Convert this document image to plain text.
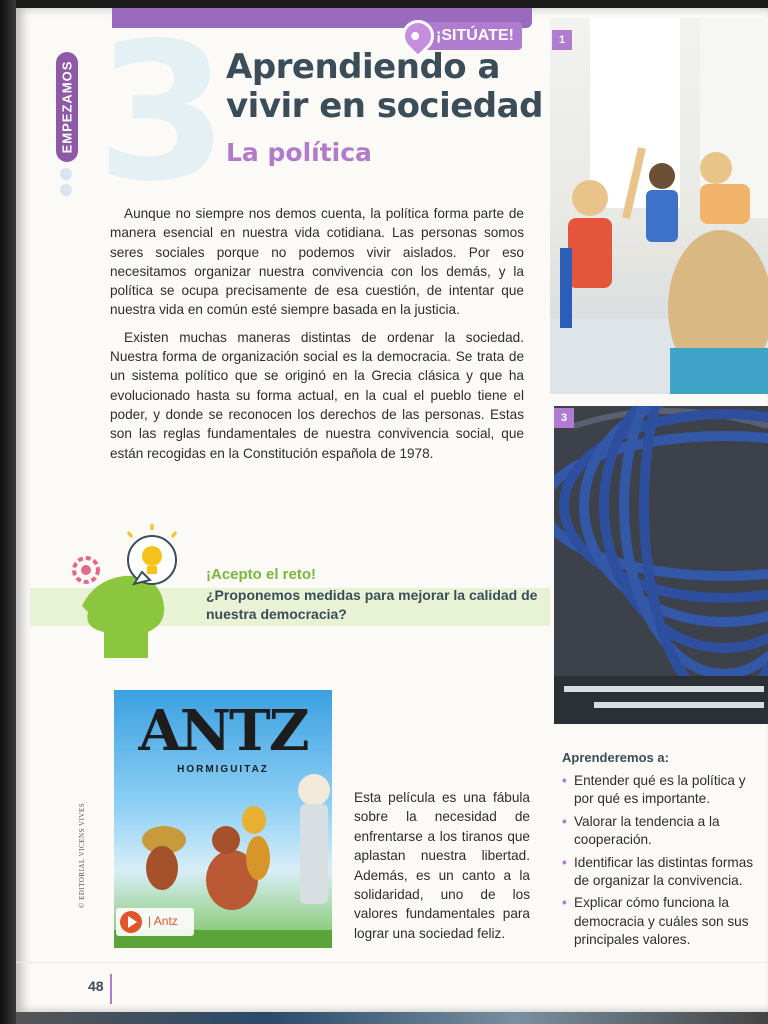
3
EMPEZAMOS
¡SITÚATE!
Aprendiendo a vivir en sociedad
La política

Aunque no siempre nos demos cuenta, la política forma parte de manera esencial en nuestra vida cotidiana. Las personas somos seres sociales porque no podemos vivir aislados. Por eso necesitamos organizar nuestra convivencia con los demás, y la política se ocupa precisamente de esa cuestión, de intentar que nuestra vida en común esté siempre basada en la justicia.

Existen muchas maneras distintas de ordenar la sociedad. Nuestra forma de organización social es la democracia. Se trata de un sistema político que se originó en la Grecia clásica y que ha evolucionado hasta su forma actual, en la cual el pueblo tiene el poder, y donde se reconocen los derechos de las personas. Estas son las reglas fundamentales de nuestra convivencia social, que están recogidas en la Constitución española de 1978.

¡Acepto el reto!
¿Proponemos medidas para mejorar la calidad de nuestra democracia?
ANTZ
HORMIGUITAZ
| Antz
Esta película es una fábula sobre la necesidad de enfrentarse a los tiranos que aplastan nuestra libertad. Además, es un canto a la solidaridad, uno de los valores fundamentales para lograr una sociedad feliz.
1
3
Aprenderemos a:
• Entender qué es la política y por qué es importante.
• Valorar la tendencia a la cooperación.
• Identificar las distintas formas de organizar la convivencia.
• Explicar cómo funciona la democracia y cuáles son sus principales valores.
© EDITORIAL VICENS VIVES
48
